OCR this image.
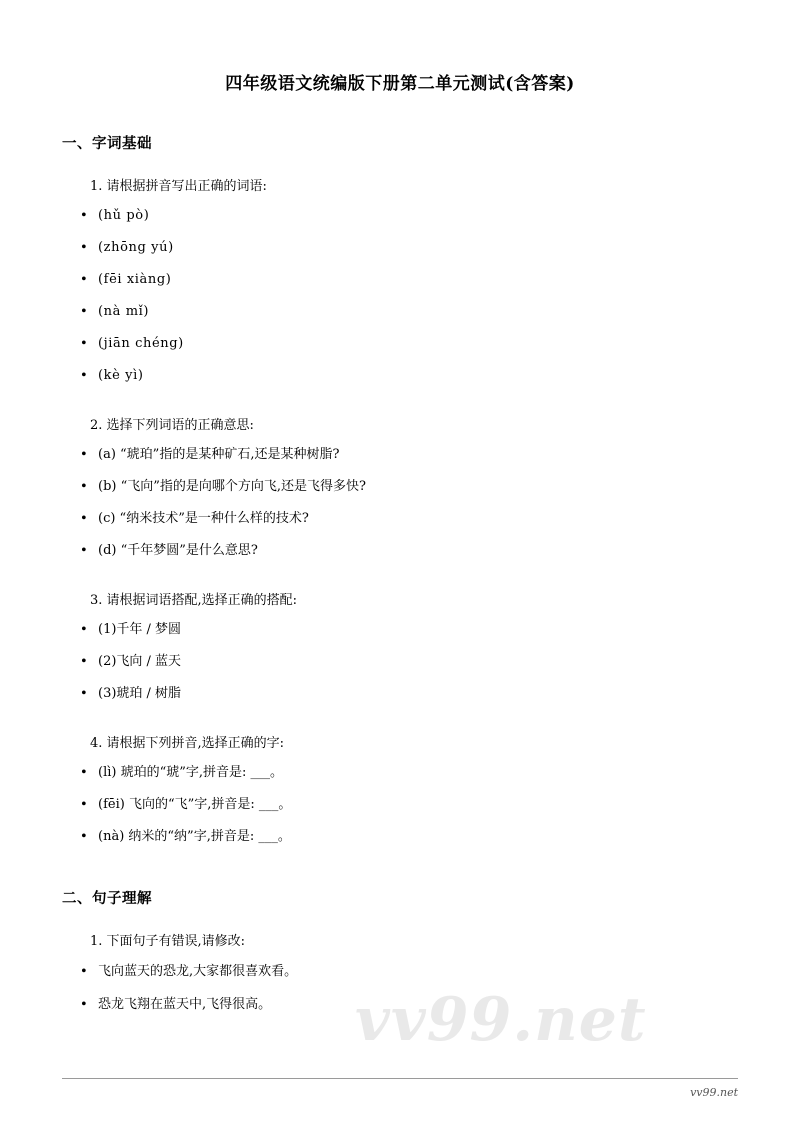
四年级语文统编版下册第二单元测试(含答案)
一、字词基础
1. 请根据拼音写出正确的词语:
• (hǔ pò)
• (zhōng yú)
• (fēi xiàng)
• (nà mǐ)
• (jiān chéng)
• (kè yì)
2. 选择下列词语的正确意思:
• (a) “琥珀”指的是某种矿石,还是某种树脂?
• (b) “飞向”指的是向哪个方向飞,还是飞得多快?
• (c) “纳米技术”是一种什么样的技术?
• (d) “千年梦圆”是什么意思?
3. 请根据词语搭配,选择正确的搭配:
• (1)千年 / 梦圆
• (2)飞向 / 蓝天
• (3)琥珀 / 树脂
4. 请根据下列拼音,选择正确的字:
• (lì) 琥珀的“琥”字,拼音是: ___。
• (fēi) 飞向的“飞”字,拼音是: ___。
• (nà) 纳米的“纳”字,拼音是: ___。
二、句子理解
1. 下面句子有错误,请修改:
• 飞向蓝天的恐龙,大家都很喜欢看。
• 恐龙飞翔在蓝天中,飞得很高。 vv99.net
vv99.net
